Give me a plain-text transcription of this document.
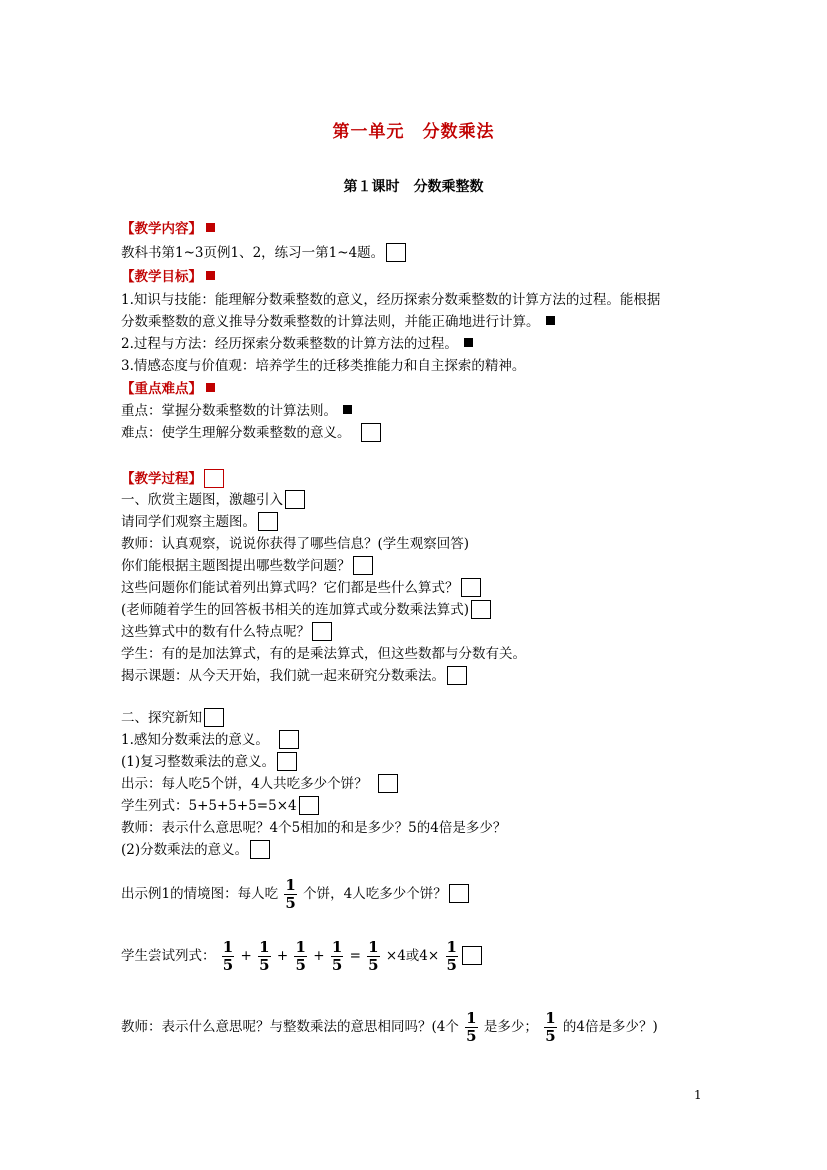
第一单元　分数乘法
第１课时　分数乘整数
【教学内容】
教科书第1~3页例1、2，练习一第1~4题。
【教学目标】
1.知识与技能：能理解分数乘整数的意义，经历探索分数乘整数的计算方法的过程。能根据
分数乘整数的意义推导分数乘整数的计算法则，并能正确地进行计算。
2.过程与方法：经历探索分数乘整数的计算方法的过程。
3.情感态度与价值观：培养学生的迁移类推能力和自主探索的精神。
【重点难点】
重点：掌握分数乘整数的计算法则。
难点：使学生理解分数乘整数的意义。
【教学过程】
一、欣赏主题图，激趣引入
请同学们观察主题图。
教师：认真观察，说说你获得了哪些信息？(学生观察回答)
你们能根据主题图提出哪些数学问题？
这些问题你们能试着列出算式吗？它们都是些什么算式？
(老师随着学生的回答板书相关的连加算式或分数乘法算式)
这些算式中的数有什么特点呢？
学生：有的是加法算式，有的是乘法算式，但这些数都与分数有关。
揭示课题：从今天开始，我们就一起来研究分数乘法。
二、探究新知
1.感知分数乘法的意义。
(1)复习整数乘法的意义。
出示：每人吃5个饼，4人共吃多少个饼？
学生列式：5+5+5+5=5×4
教师：表示什么意思呢？4个5相加的和是多少？5的4倍是多少？
(2)分数乘法的意义。
出示例1的情境图：每人吃 $\frac{1}{5}$ 个饼，4人吃多少个饼？
学生尝试列式： $\frac{1}{5} + \frac{1}{5} + \frac{1}{5} + \frac{1}{5} = \frac{1}{5} \times 4$或$4\times \frac{1}{5}$
教师：表示什么意思呢？与整数乘法的意思相同吗？(4个 $\frac{1}{5}$ 是多少； $\frac{1}{5}$ 的4倍是多少？)
1
